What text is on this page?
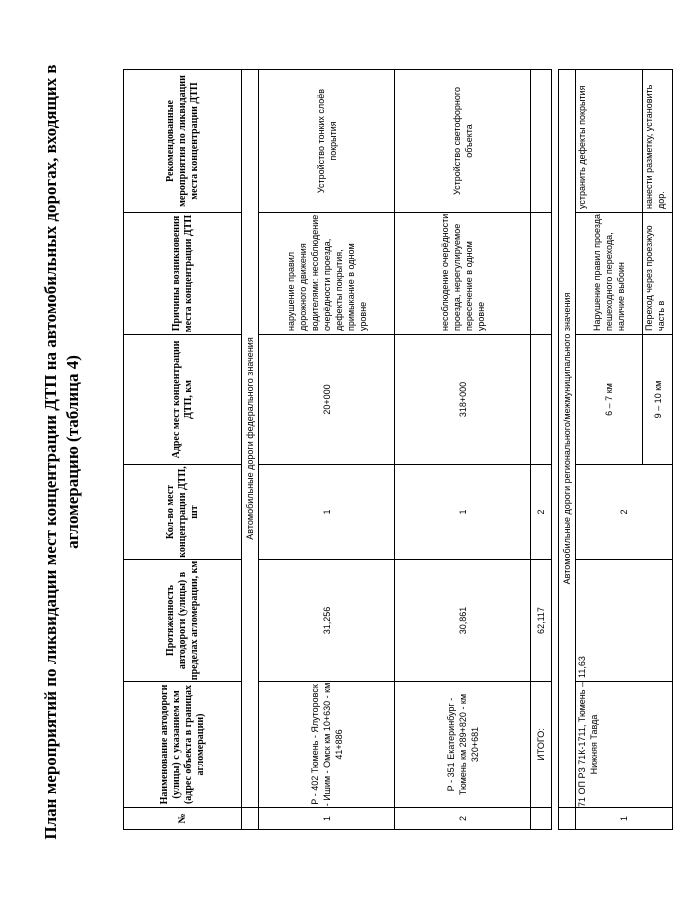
План мероприятий по ликвидации мест концентрации ДТП на автомобильных дорогах, входящих в агломерацию (таблица 4)
№	Наименование автодороги (улицы) с указанием км (адрес объекта в границах агломерации)	Протяженность автодороги (улицы) в пределах агломерации, км	Кол-во мест концентрации ДТП, шт	Адрес мест концентрации ДТП, км	Причины возникновения места концентрации ДТП	Рекомендованные мероприятия по ликвидации места концентрации ДТП
	Автомобильные дороги федерального значения					
1	Р - 402 Тюмень - Ялуторовск - Ишим - Омск км 10+630 - км 41+886	31,256	1	20+000	нарушение правил дорожного движения водителями: несоблюдение очерёдности проезда, дефекты покрытия, примыкание в одном уровне	Устройство тонких слоёв покрытия
2	Р - 351 Екатеринбург - Тюмень км 289+820 - км 320+681	30,861	1	318+000	несоблюдение очерёдности проезда, нерегулируемое пересечение в одном уровне	Устройство светофорного объекта
	ИТОГО:	62,117	2			

	Автомобильные дороги регионального/межмуниципального значения					
1	71 ОП РЗ 71К-1711, Тюмень – Нижняя Тавда	11,63	2	6 – 7 км	Нарушение правил проезда пешеходного перехода, наличие выбоин	устранить дефекты покрытия
				9 – 10 км	Переход через проезжую часть в	нанести разметку, установить дор.
